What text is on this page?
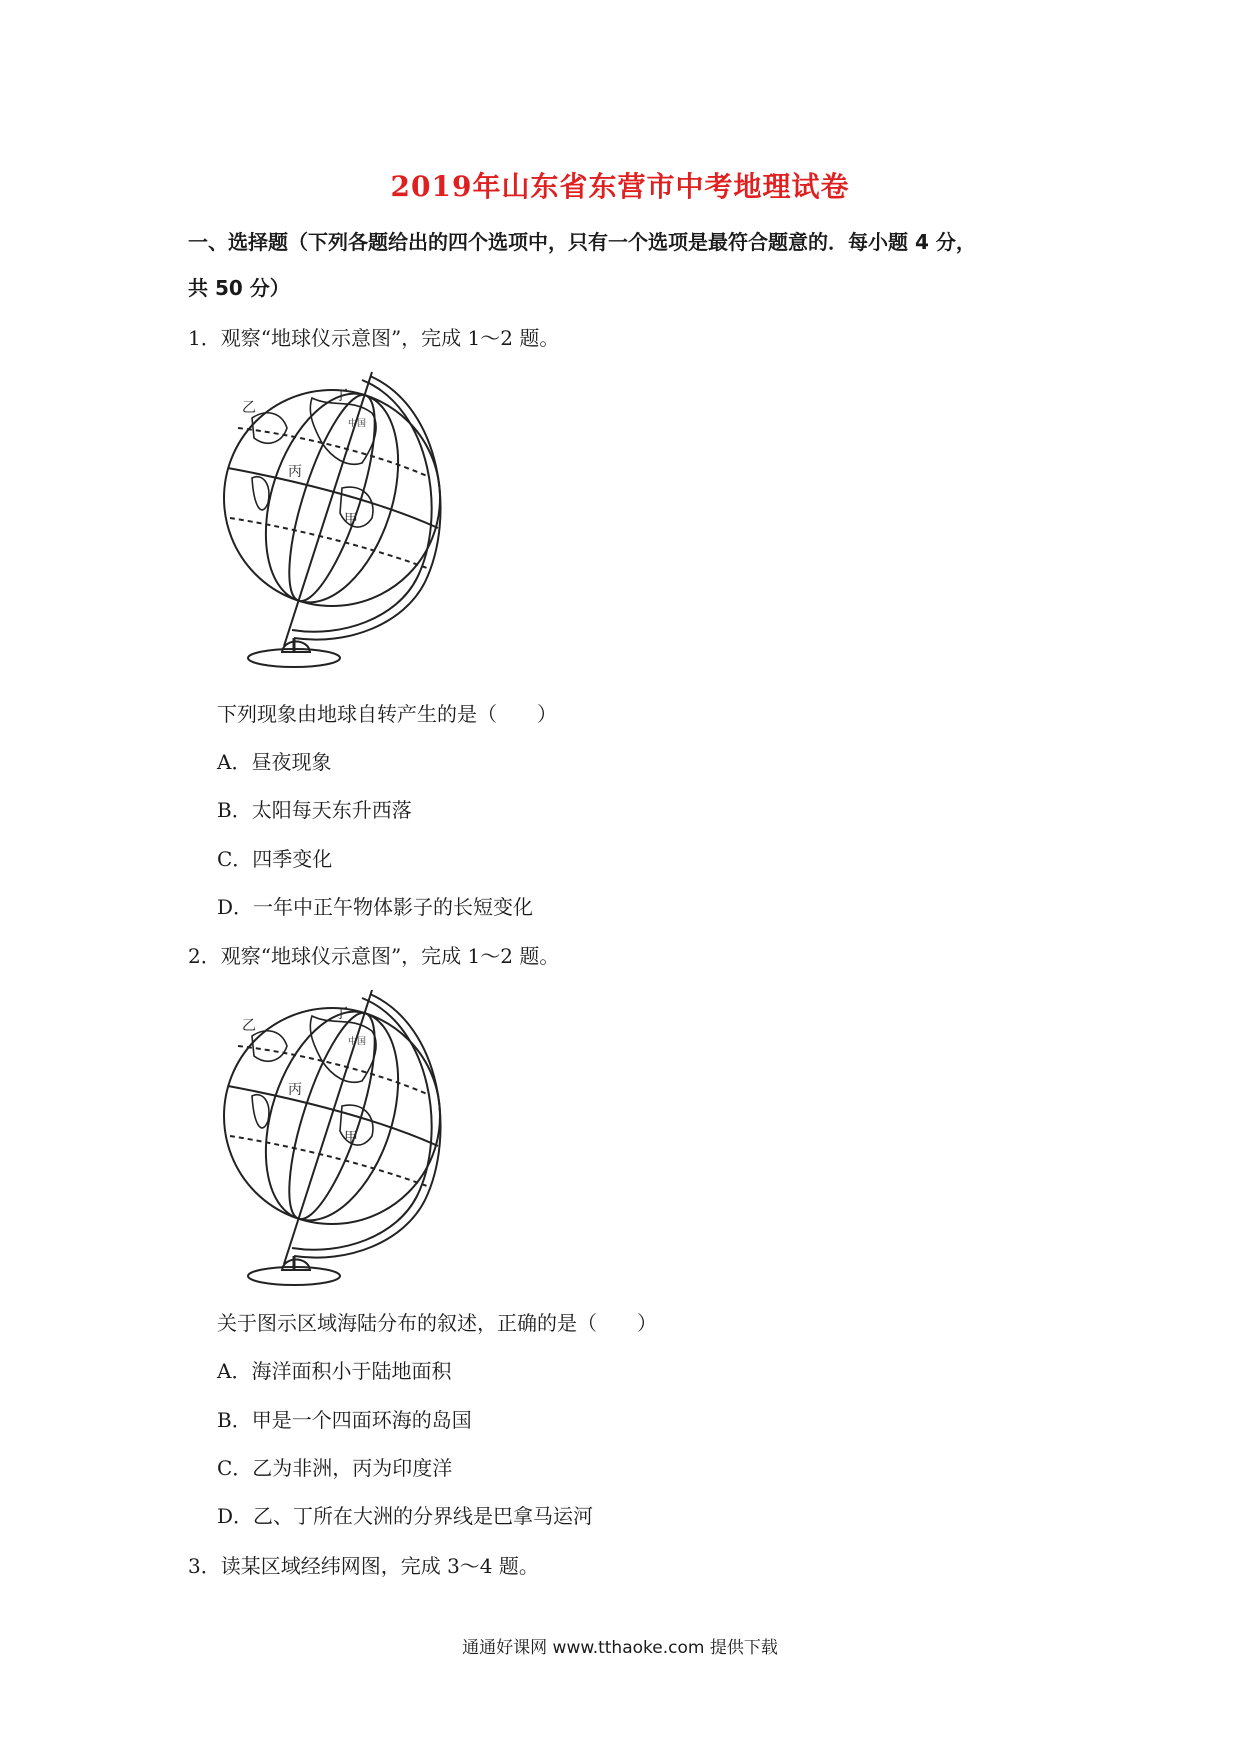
2019年山东省东营市中考地理试卷
一、选择题（下列各题给出的四个选项中，只有一个选项是最符合题意的．每小题 4 分，
共 50 分）
1．观察“地球仪示意图”，完成 1～2 题。
乙
丁
中国
丙
甲
下列现象由地球自转产生的是（　　）
A．昼夜现象
B．太阳每天东升西落
C．四季变化
D．一年中正午物体影子的长短变化
2．观察“地球仪示意图”，完成 1～2 题。
乙
丁
中国
丙
甲
关于图示区域海陆分布的叙述，正确的是（　　）
A．海洋面积小于陆地面积
B．甲是一个四面环海的岛国
C．乙为非洲，丙为印度洋
D．乙、丁所在大洲的分界线是巴拿马运河
3．读某区域经纬网图，完成 3～4 题。
通通好课网 www.tthaoke.com 提供下载
